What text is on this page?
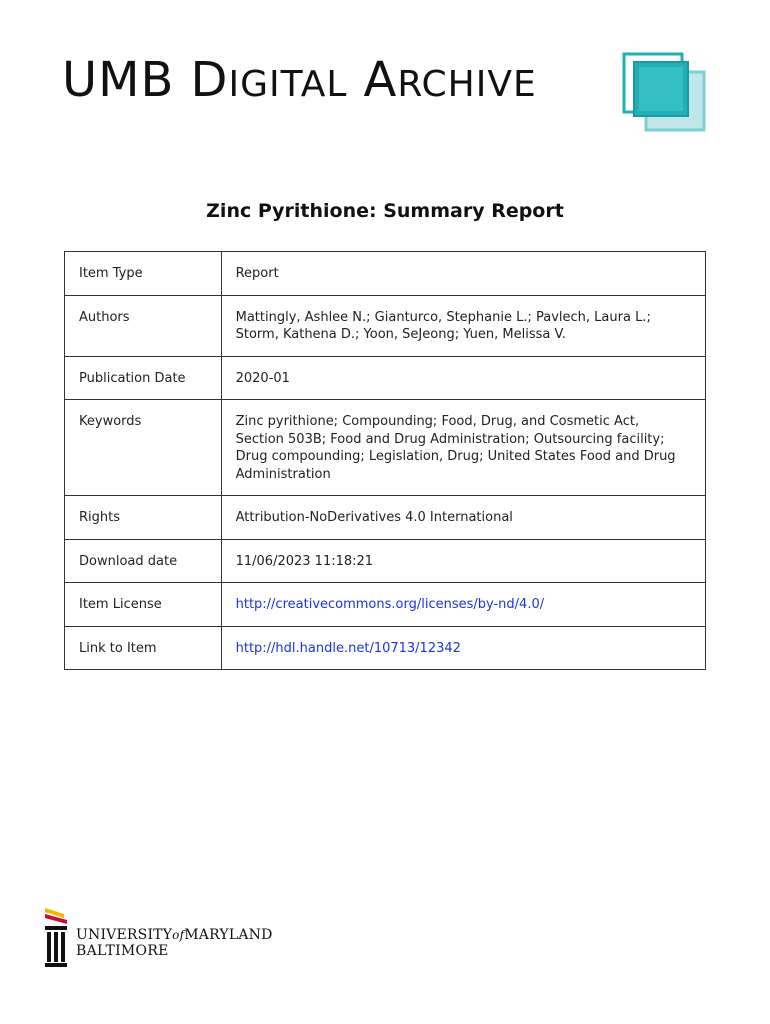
UMB DIGITAL ARCHIVE
Zinc Pyrithione: Summary Report
Item Type	Report
Authors	Mattingly, Ashlee N.; Gianturco, Stephanie L.; Pavlech, Laura L.; Storm, Kathena D.; Yoon, SeJeong; Yuen, Melissa V.
Publication Date	2020-01
Keywords	Zinc pyrithione; Compounding; Food, Drug, and Cosmetic Act, Section 503B; Food and Drug Administration; Outsourcing facility; Drug compounding; Legislation, Drug; United States Food and Drug Administration
Rights	Attribution-NoDerivatives 4.0 International
Download date	11/06/2023 11:18:21
Item License	http://creativecommons.org/licenses/by-nd/4.0/
Link to Item	http://hdl.handle.net/10713/12342
UNIVERSITYofMARYLAND
BALTIMORE
